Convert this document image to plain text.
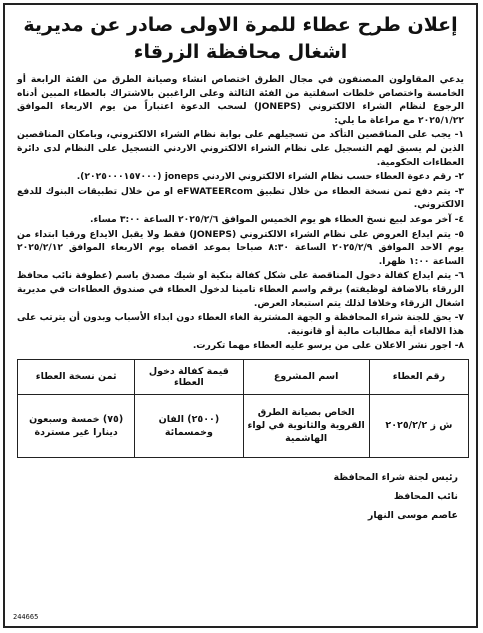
إعلان طرح عطاء للمرة الاولى صادر عن مديرية
اشغال محافظة الزرقاء

يدعي المقاولون المصنفون في مجال الطرق اختصاص انشاء وصيانة الطرق من الفئة الرابعة أو الخامسة واختصاص خلطات اسفلتية من الفئة الثالثة وعلى الراغبين بالاشتراك بالعطاء المبين أدناه الرجوع لنظام الشراء الالكتروني (JONEPS) لسحب الدعوة اعتباراً من يوم الاربعاء الموافق ٢٠٢٥/١/٢٢ مع مراعاة ما يلي:

١- يجب على المناقصين التأكد من تسجيلهم على بوابة نظام الشراء الالكتروني، وبامكان المناقصين الذين لم يسبق لهم التسجيل على نظام الشراء الالكتروني الاردني التسجيل على النظام لدى دائرة العطاءات الحكومية.

٢- رقم دعوة العطاء حسب نظام الشراء الالكتروني الاردني joneps (٢٠٢٥٠٠٠١٥٧٠٠٠).

٣- يتم دفع ثمن نسخة العطاء من خلال تطبيق eFWATEERcom او من خلال تطبيقات البنوك للدفع الالكتروني.

٤- آخر موعد لبيع نسخ العطاء هو يوم الخميس الموافق ٢٠٢٥/٢/٦ الساعة ٣:٠٠ مساء.

٥- يتم ايداع العروض على نظام الشراء الالكتروني (JONEPS) فقط ولا يقبل الايداع ورقيا ابتداء من يوم الاحد الموافق ٢٠٢٥/٢/٩ الساعة ٨:٣٠ صباحا بموعد اقصاه يوم الاربعاء الموافق ٢٠٢٥/٢/١٢ الساعة ١:٠٠ ظهرا.

٦- يتم ايداع كفالة دخول المناقصة على شكل كفالة بنكية او شيك مصدق باسم (عطوفة نائب محافظ الزرقاء بالاضافة لوظيفته) برقم واسم العطاء تامينا لدخول العطاء في صندوق العطاءات في مديرية اشغال الزرقاء وخلافا لذلك يتم استبعاد العرض.

٧- يحق للجنة شراء المحافظة و الجهة المشترية الغاء العطاء دون ابداء الأسباب وبدون أن يترتب على هذا الالغاء أية مطالبات مالية أو قانونية.

٨- اجور نشر الاعلان على من يرسو عليه العطاء مهما تكررت.

رقم العطاء	اسم المشروع	قيمة كفالة دخول العطاء	ثمن نسخة العطاء
ش ز ٢٠٢٥/٢/٢	الخاص بصيانة الطرق القروية والثانوية في لواء الهاشمية	(٢٥٠٠) الفان وخمسمائة	(٧٥) خمسة وسبعون دينارا غير مستردة
رئيس لجنة شراء المحافظة
نائب المحافظ
عاصم موسى النهار
244665
